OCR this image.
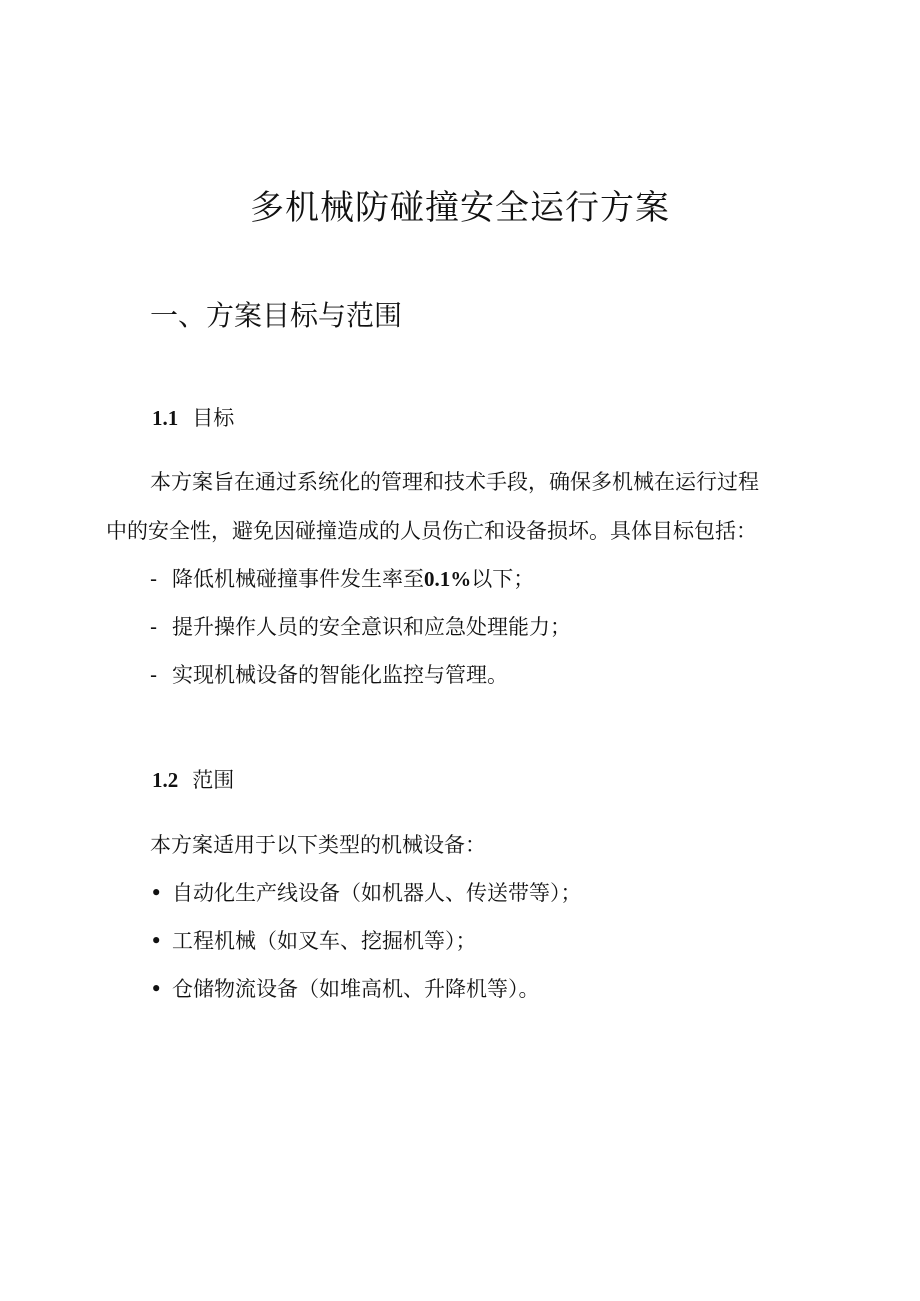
多机械防碰撞安全运行方案
一、方案目标与范围
1.1 目标

本方案旨在通过系统化的管理和技术手段，确保多机械在运行过程

中的安全性，避免因碰撞造成的人员伤亡和设备损坏。具体目标包括：

- 降低机械碰撞事件发生率至0.1%以下；

- 提升操作人员的安全意识和应急处理能力；

- 实现机械设备的智能化监控与管理。

1.2 范围

本方案适用于以下类型的机械设备：

• 自动化生产线设备（如机器人、传送带等）；

• 工程机械（如叉车、挖掘机等）；

• 仓储物流设备（如堆高机、升降机等）。
